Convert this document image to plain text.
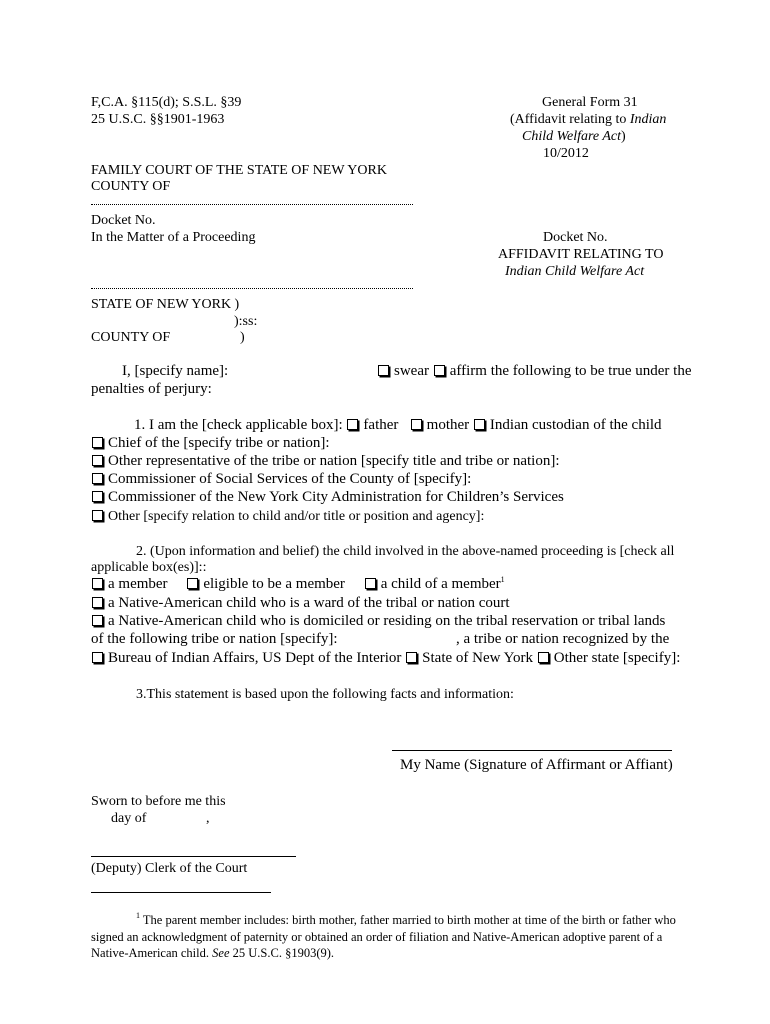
F,C.A. §115(d); S.S.L. §39
25 U.S.C. §§1901-1963
General Form 31
(Affidavit relating to Indian
Child Welfare Act)
10/2012
FAMILY COURT OF THE STATE OF NEW YORK
COUNTY OF
Docket No.
In the Matter of a Proceeding	Docket No.
AFFIDAVIT RELATING TO
Indian Child Welfare Act
STATE OF NEW YORK )
):ss:
COUNTY OF	)
I, [specify name]:	swear affirm the following to be true under the
penalties of perjury:
1. I am the [check applicable box]: father mother Indian custodian of the child
Chief of the [specify tribe or nation]:
Other representative of the tribe or nation [specify title and tribe or nation]:
Commissioner of Social Services of the County of [specify]:
Commissioner of the New York City Administration for Children’s Services
Other [specify relation to child and/or title or position and agency]:
2. (Upon information and belief) the child involved in the above-named proceeding is [check all
applicable box(es)]::
a member eligible to be a member a child of a member$^1$
a Native-American child who is a ward of the tribal or nation court
a Native-American child who is domiciled or residing on the tribal reservation or tribal lands
of the following tribe or nation [specify]:	, a tribe or nation recognized by the
Bureau of Indian Affairs, US Dept of the Interior State of New York Other state [specify]:
3.This statement is based upon the following facts and information:
My Name (Signature of Affirmant or Affiant)
Sworn to before me this
day of	,
(Deputy) Clerk of the Court
$^1$ The parent member includes: birth mother, father married to birth mother at time of the birth or father who
signed an acknowledgment of paternity or obtained an order of filiation and Native-American adoptive parent of a
Native-American child. See 25 U.S.C. §1903(9).
